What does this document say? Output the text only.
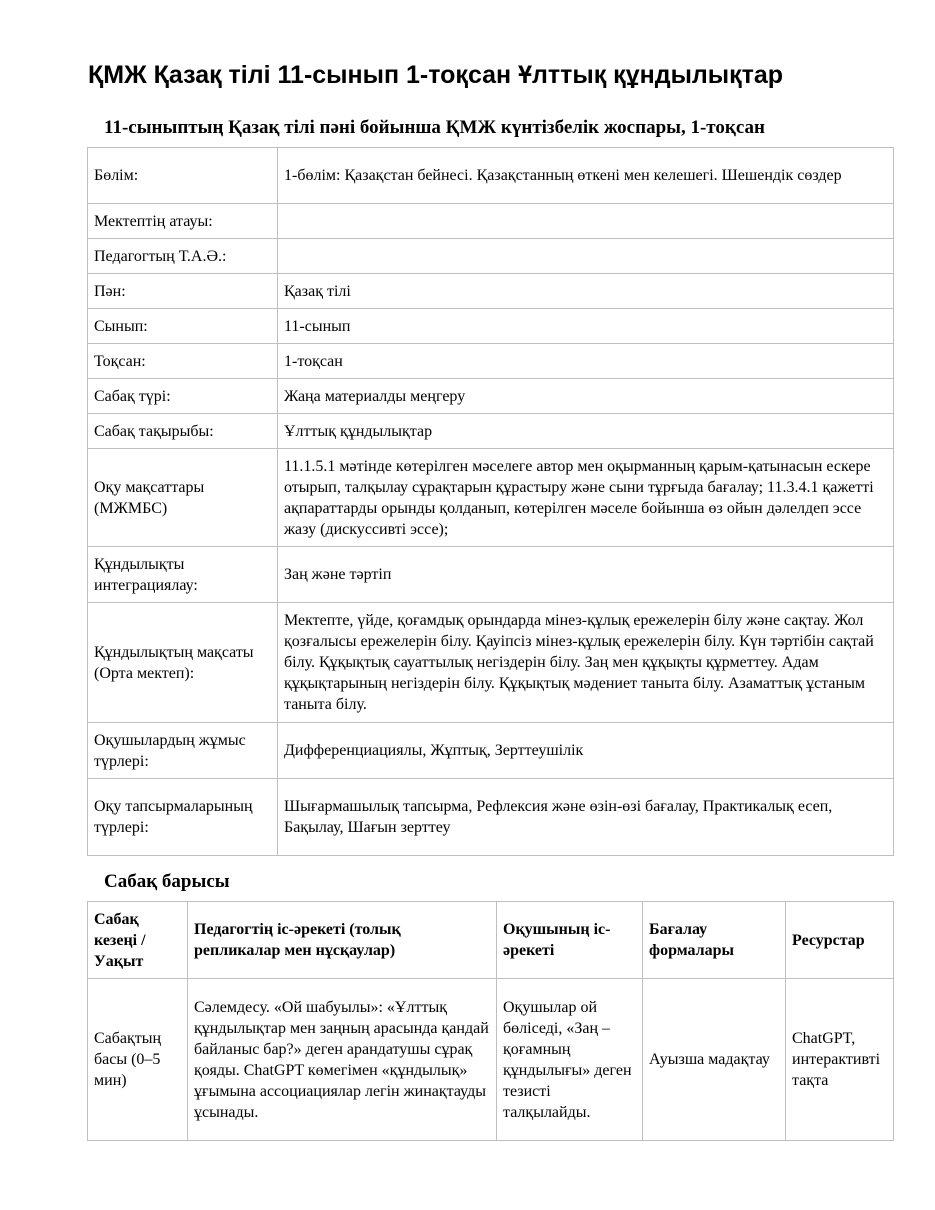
ҚМЖ Қазақ тілі 11-сынып 1-тоқсан Ұлттық құндылықтар
11-сыныптың Қазақ тілі пәні бойынша ҚМЖ күнтізбелік жоспары, 1-тоқсан
Бөлім:	1-бөлім: Қазақстан бейнесі. Қазақстанның өткені мен келешегі. Шешендік сөздер
Мектептің атауы:	
Педагогтың Т.А.Ә.:	
Пән:	Қазақ тілі
Сынып:	11-сынып
Тоқсан:	1-тоқсан
Сабақ түрі:	Жаңа материалды меңгеру
Сабақ тақырыбы:	Ұлттық құндылықтар
Оқу мақсаттары (МЖМБС)	11.1.5.1 мәтінде көтерілген мәселеге автор мен оқырманның қарым-қатынасын ескере отырып, талқылау сұрақтарын құрастыру және сыни тұрғыда бағалау; 11.3.4.1 қажетті ақпараттарды орынды қолданып, көтерілген мәселе бойынша өз ойын дәлелдеп эссе жазу (дискуссивті эссе);
Құндылықты интеграциялау:	Заң және тәртіп
Құндылықтың мақсаты (Орта мектеп):	Мектепте, үйде, қоғамдық орындарда мінез-құлық ережелерін білу және сақтау. Жол қозғалысы ережелерін білу. Қауіпсіз мінез-құлық ережелерін білу. Күн тәртібін сақтай білу. Құқықтық сауаттылық негіздерін білу. Заң мен құқықты құрметтеу. Адам құқықтарының негіздерін білу. Құқықтық мәдениет таныта білу. Азаматтық ұстаным таныта білу.
Оқушылардың жұмыс түрлері:	Дифференциациялы, Жұптық, Зерттеушілік
Оқу тапсырмаларының түрлері:	Шығармашылық тапсырма, Рефлексия және өзін-өзі бағалау, Практикалық есеп, Бақылау, Шағын зерттеу
Сабақ барысы
Сабақ кезеңі / Уақыт	Педагогтің іс-әрекеті (толық репликалар мен нұсқаулар)	Оқушының іс-әрекеті	Бағалау формалары	Ресурстар
Сабақтың басы (0–5 мин)	Сәлемдесу. «Ой шабуылы»: «Ұлттық құндылықтар мен заңның арасында қандай байланыс бар?» деген арандатушы сұрақ қояды. ChatGPT көмегімен «құндылық» ұғымына ассоциациялар легін жинақтауды ұсынады.	Оқушылар ой бөліседі, «Заң – қоғамның құндылығы» деген тезисті талқылайды.	Ауызша мадақтау	ChatGPT, интерактивті тақта
